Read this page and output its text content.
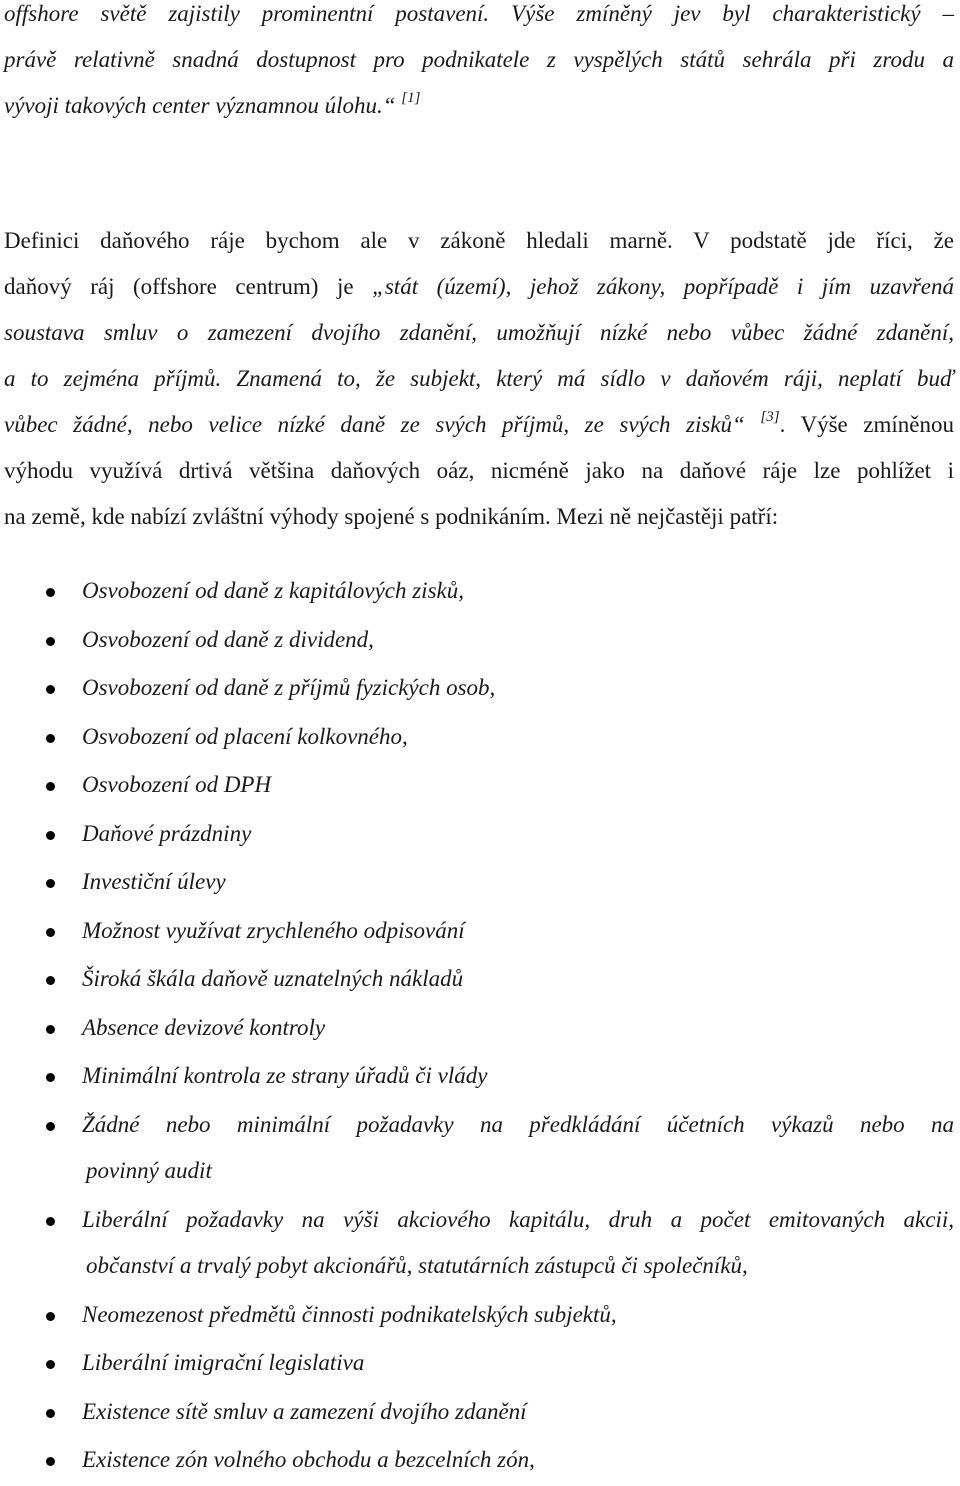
offshore světě zajistily prominentní postavení. Výše zmíněný jev byl charakteristický –
právě relativně snadná dostupnost pro podnikatele z vyspělých států sehrála při zrodu a
vývoji takových center významnou úlohu.“ [1]
Definici daňového ráje bychom ale v zákoně hledali marně. V podstatě jde říci, že
daňový ráj (offshore centrum) je „stát (území), jehož zákony, popřípadě i jím uzavřená
soustava smluv o zamezení dvojího zdanění, umožňují nízké nebo vůbec žádné zdanění,
a to zejména příjmů. Znamená to, že subjekt, který má sídlo v daňovém ráji, neplatí buď
vůbec žádné, nebo velice nízké daně ze svých příjmů, ze svých zisků“ [3]. Výše zmíněnou
výhodu využívá drtivá většina daňových oáz, nicméně jako na daňové ráje lze pohlížet i
na země, kde nabízí zvláštní výhody spojené s podnikáním. Mezi ně nejčastěji patří:
Osvobození od daně z kapitálových zisků,
Osvobození od daně z dividend,
Osvobození od daně z příjmů fyzických osob,
Osvobození od placení kolkovného,
Osvobození od DPH
Daňové prázdniny
Investiční úlevy
Možnost využívat zrychleného odpisování
Široká škála daňově uznatelných nákladů
Absence devizové kontroly
Minimální kontrola ze strany úřadů či vlády
Žádné nebo minimální požadavky na předkládání účetních výkazů nebo na
povinný audit
Liberální požadavky na výši akciového kapitálu, druh a počet emitovaných akcii,
občanství a trvalý pobyt akcionářů, statutárních zástupců či společníků,
Neomezenost předmětů činnosti podnikatelských subjektů,
Liberální imigrační legislativa
Existence sítě smluv a zamezení dvojího zdanění
Existence zón volného obchodu a bezcelních zón,
